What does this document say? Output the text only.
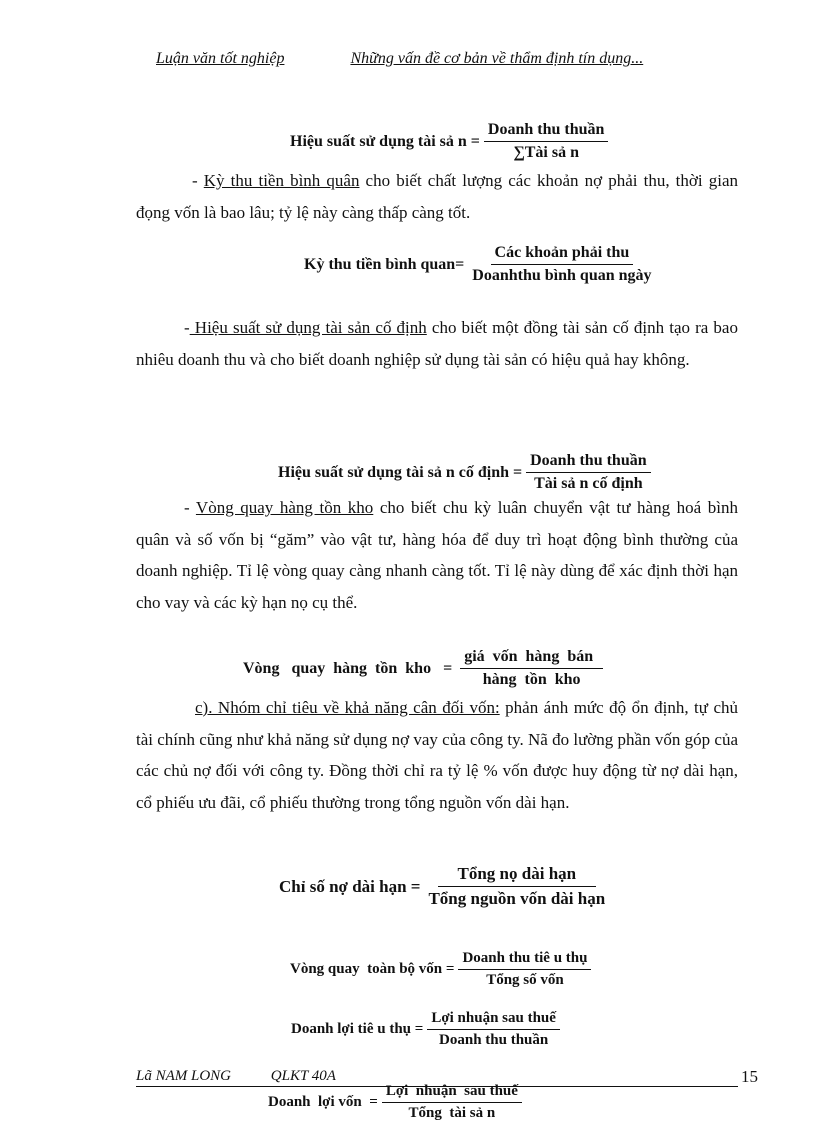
Luận văn tốt nghiệp	Những vấn đề cơ bản về thẩm định tín dụng...
Hiệu suất sử dụng tài sả $n = \frac{\text{Doanh thu thuần}}{\text{∑Tài sả n}}$
- Kỳ thu tiền bình quân cho biết chất lượng các khoản nợ phải thu, thời gian đọng vốn là bao lâu; tỷ lệ này càng thấp càng tốt.
Kỳ thu tiền bình quan= $\frac{\text{Các khoản phải thu}}{\text{Doanhthu bình quan ngày}}$
- Hiệu suất sử dụng tài sản cố định cho biết một đồng tài sản cố định tạo ra bao nhiêu doanh thu và cho biết doanh nghiệp sử dụng tài sản có hiệu quả hay không.
Hiệu suất sử dụng tài sả n cố định = $\frac{\text{Doanh thu thuần}}{\text{Tài sả n cố định}}$
- Vòng quay hàng tồn kho cho biết chu kỳ luân chuyển vật tư hàng hoá bình quân và số vốn bị “găm” vào vật tư, hàng hóa để duy trì hoạt động bình thường của doanh nghiệp. Tỉ lệ vòng quay càng nhanh càng tốt. Tỉ lệ này dùng để xác định thời hạn cho vay và các kỳ hạn nọ cụ thể.
Vòng   quay  hàng  tồn  kho   = $\frac{\text{giá  vốn  hàng  bán}}{\text{hàng  tồn  kho}}$
c). Nhóm chỉ tiêu về khả năng cân đối vốn: phản ánh mức độ ổn định, tự chủ tài chính cũng như khả năng sử dụng nợ vay của công ty. Nã đo lường phần vốn góp của các chủ nợ đối với công ty. Đồng thời chỉ ra tỷ lệ % vốn được huy động từ nợ dài hạn, cổ phiếu ưu đãi, cổ phiếu thường trong tổng nguồn vốn dài hạn.
Chỉ số nợ dài hạn = $\frac{\text{Tổng nọ dài hạn}}{\text{Tổng nguồn vốn dài hạn}}$
Vòng quay  toàn bộ vốn = $\frac{\text{Doanh thu tiê u thụ}}{\text{Tổng số vốn}}$
Doanh lợi tiê u thụ = $\frac{\text{Lợi nhuận sau thuế}}{\text{Doanh thu thuần}}$
Lã NAM LONG	QLKT 40A	15
Doanh  lợi vốn  = $\frac{\text{Lợi  nhuận  sau thuế}}{\text{Tổng  tài sả n}}$
